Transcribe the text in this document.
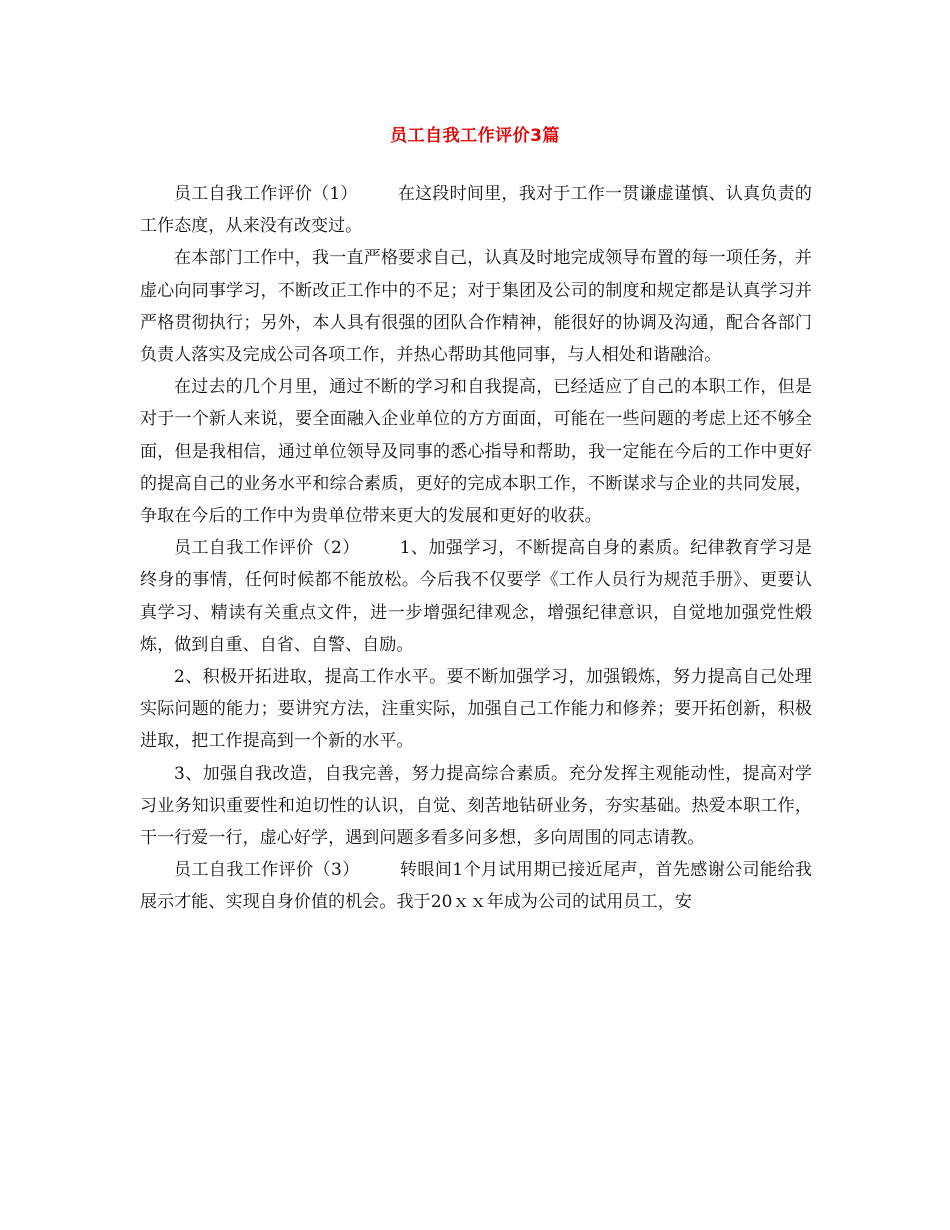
员工自我工作评价3篇

员工自我工作评价（1） 在这段时间里，我对于工作一贯谦虚谨慎、认真负责的工作态度，从来没有改变过。

在本部门工作中，我一直严格要求自己，认真及时地完成领导布置的每一项任务，并虚心向同事学习，不断改正工作中的不足；对于集团及公司的制度和规定都是认真学习并严格贯彻执行；另外，本人具有很强的团队合作精神，能很好的协调及沟通，配合各部门负责人落实及完成公司各项工作，并热心帮助其他同事，与人相处和谐融洽。

在过去的几个月里，通过不断的学习和自我提高，已经适应了自己的本职工作，但是对于一个新人来说，要全面融入企业单位的方方面面，可能在一些问题的考虑上还不够全面，但是我相信，通过单位领导及同事的悉心指导和帮助，我一定能在今后的工作中更好的提高自己的业务水平和综合素质，更好的完成本职工作，不断谋求与企业的共同发展，争取在今后的工作中为贵单位带来更大的发展和更好的收获。

员工自我工作评价（2） 1、加强学习，不断提高自身的素质。纪律教育学习是终身的事情，任何时候都不能放松。今后我不仅要学《工作人员行为规范手册》、更要认真学习、精读有关重点文件，进一步增强纪律观念，增强纪律意识，自觉地加强党性煅炼，做到自重、自省、自警、自励。

2、积极开拓进取，提高工作水平。要不断加强学习，加强锻炼，努力提高自己处理实际问题的能力；要讲究方法，注重实际，加强自己工作能力和修养；要开拓创新，积极进取，把工作提高到一个新的水平。

3、加强自我改造，自我完善，努力提高综合素质。充分发挥主观能动性，提高对学习业务知识重要性和迫切性的认识，自觉、刻苦地钻研业务，夯实基础。热爱本职工作，干一行爱一行，虚心好学，遇到问题多看多问多想，多向周围的同志请教。

员工自我工作评价（3） 转眼间1个月试用期已接近尾声，首先感谢公司能给我展示才能、实现自身价值的机会。我于20ｘｘ年成为公司的试用员工，安
